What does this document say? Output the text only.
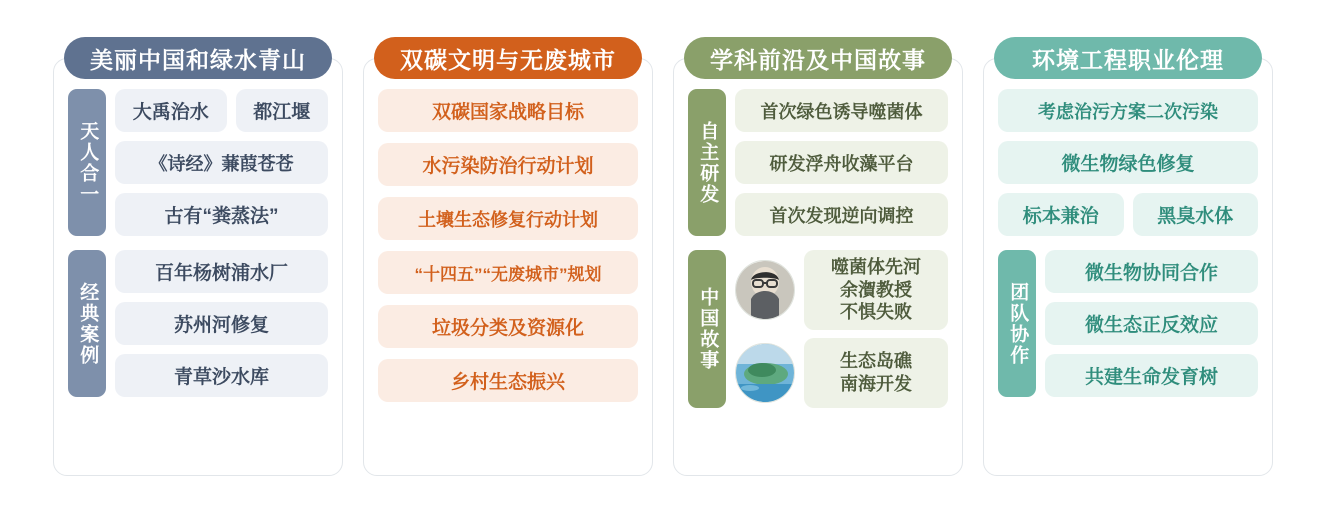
美丽中国和绿水青山
天人合一
大禹治水	都江堰
《诗经》蒹葭苍苍
古有“粪蒸法”
经典案例
百年杨树浦水厂
苏州河修复
青草沙水库
双碳文明与无废城市
双碳国家战略目标
水污染防治行动计划
土壤生态修复行动计划
“十四五”“无废城市”规划
垃圾分类及资源化
乡村生态振兴
学科前沿及中国故事
自主研发
首次绿色诱导噬菌体
研发浮舟收藻平台
首次发现逆向调控
中国故事
噬菌体先河
余㵑教授
不惧失败
生态岛礁
南海开发
环境工程职业伦理
考虑治污方案二次污染
微生物绿色修复
标本兼治	黑臭水体
团队协作
微生物协同合作
微生态正反效应
共建生命发育树
